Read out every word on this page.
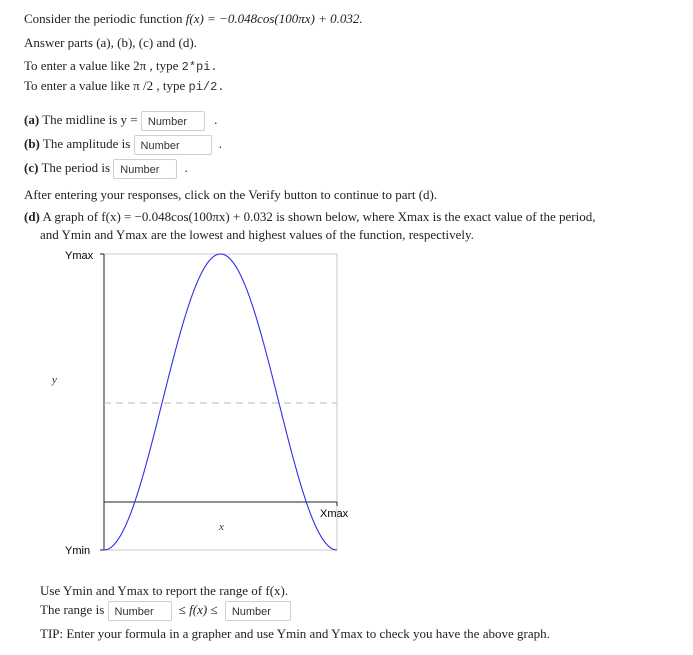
Consider the periodic function f(x) = −0.048cos(100πx) + 0.032.
Answer parts (a), (b), (c) and (d).
To enter a value like 2π , type 2*pi.
To enter a value like π /2 , type pi/2.
(a) The midline is y = Number .
(b) The amplitude is Number	.
(c) The period is Number .
After entering your responses, click on the Verify button to continue to part (d).
(d) A graph of f(x) = −0.048cos(100πx) + 0.032 is shown below, where Xmax is the exact value of the period,
and Ymin and Ymax are the lowest and highest values of the function, respectively.
Ymax
Ymin
Xmax
y
x
Use Ymin and Ymax to report the range of f(x).
The range is Number ≤ f(x) ≤ Number
TIP: Enter your formula in a grapher and use Ymin and Ymax to check you have the above graph.
